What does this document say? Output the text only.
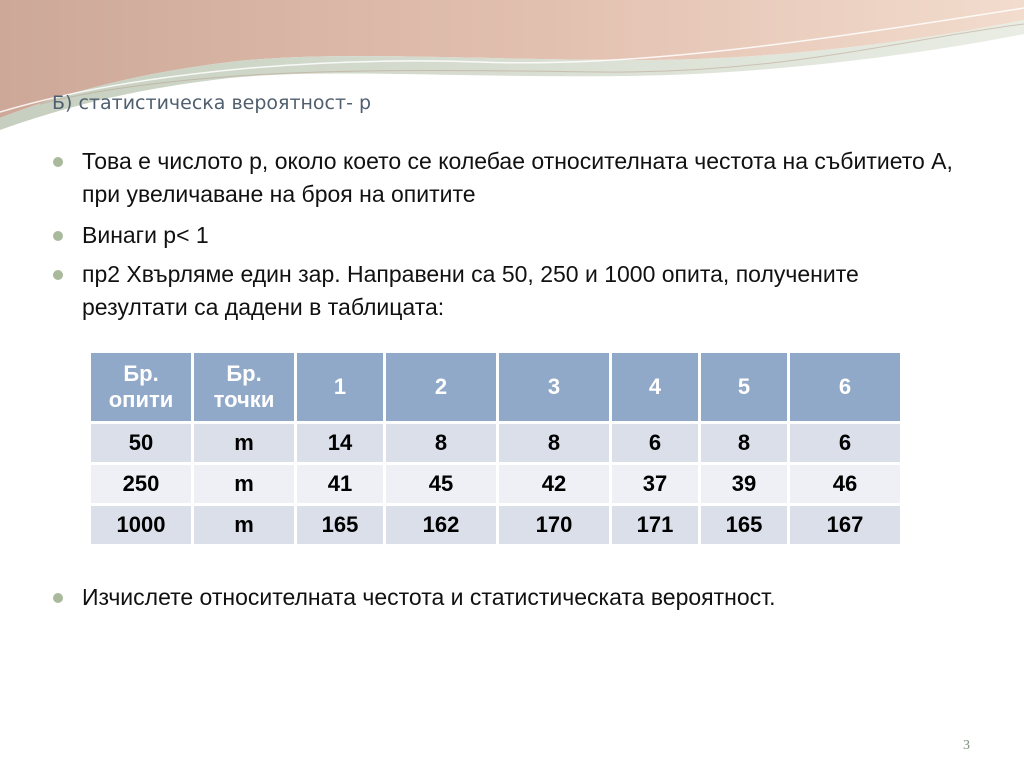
Б) статистическа вероятност- p
Това е числото p, около което се колебае относителната честота на събитието А, при увеличаване на броя на опитите
Винаги p< 1
пр2 Хвърляме един зар. Направени са 50, 250 и 1000 опита, получените резултати са дадени в таблицата:
Изчислете относителната честота и статистическата вероятност.
Бр. опити	Бр. точки	1	2	3	4	5	6
50	m	14	8	8	6	8	6
250	m	41	45	42	37	39	46
1000	m	165	162	170	171	165	167
3
